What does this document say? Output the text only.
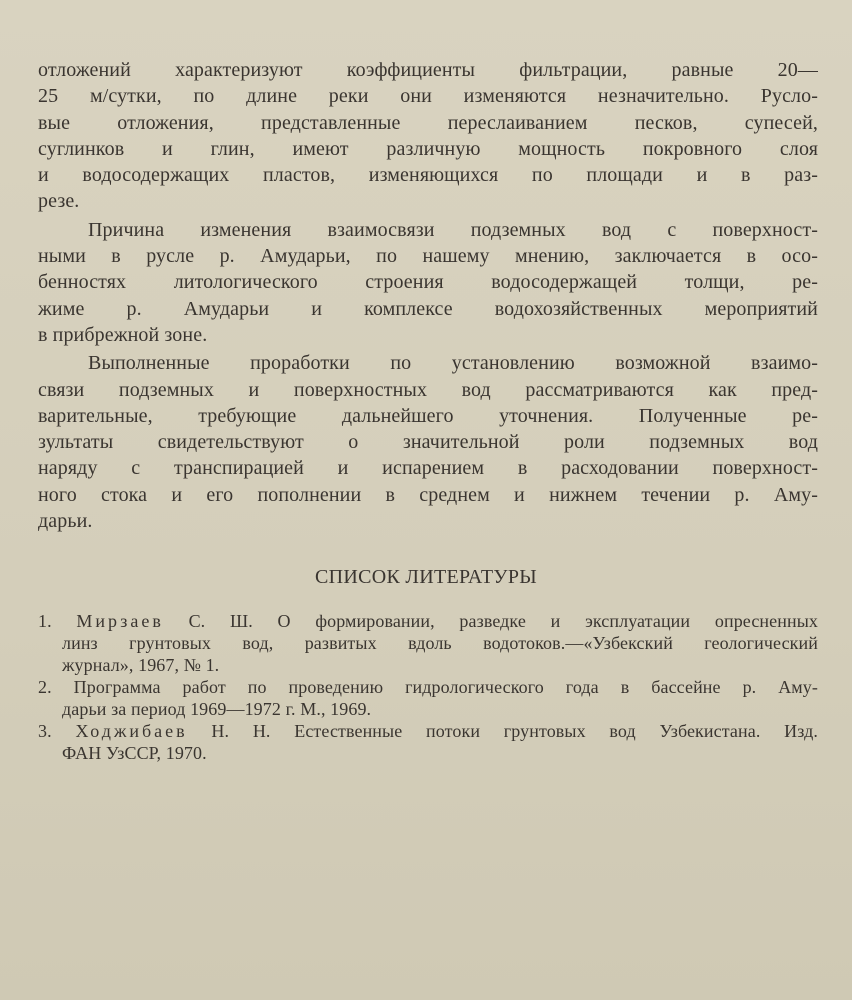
отложений характеризуют коэффициенты фильтрации, равные 20—
25 м/сутки, по длине реки они изменяются незначительно. Русло-
вые отложения, представленные переслаиванием песков, супесей,
суглинков и глин, имеют различную мощность покровного слоя
и водосодержащих пластов, изменяющихся по площади и в раз-
резе.
Причина изменения взаимосвязи подземных вод с поверхност-
ными в русле р. Амударьи, по нашему мнению, заключается в осо-
бенностях литологического строения водосодержащей толщи, ре-
жиме р. Амударьи и комплексе водохозяйственных мероприятий
в прибрежной зоне.
Выполненные проработки по установлению возможной взаимо-
связи подземных и поверхностных вод рассматриваются как пред-
варительные, требующие дальнейшего уточнения. Полученные ре-
зультаты свидетельствуют о значительной роли подземных вод
наряду с транспирацией и испарением в расходовании поверхност-
ного стока и его пополнении в среднем и нижнем течении р. Аму-
дарьи.
СПИСОК ЛИТЕРАТУРЫ
1. Мирзаев С. Ш. О формировании, разведке и эксплуатации опресненных
линз грунтовых вод, развитых вдоль водотоков.—«Узбекский геологический
журнал», 1967, № 1.
2. Программа работ по проведению гидрологического года в бассейне р. Аму-
дарьи за период 1969—1972 г. М., 1969.
3. Ходжибаев Н. Н. Естественные потоки грунтовых вод Узбекистана. Изд.
ФАН УзССР, 1970.
